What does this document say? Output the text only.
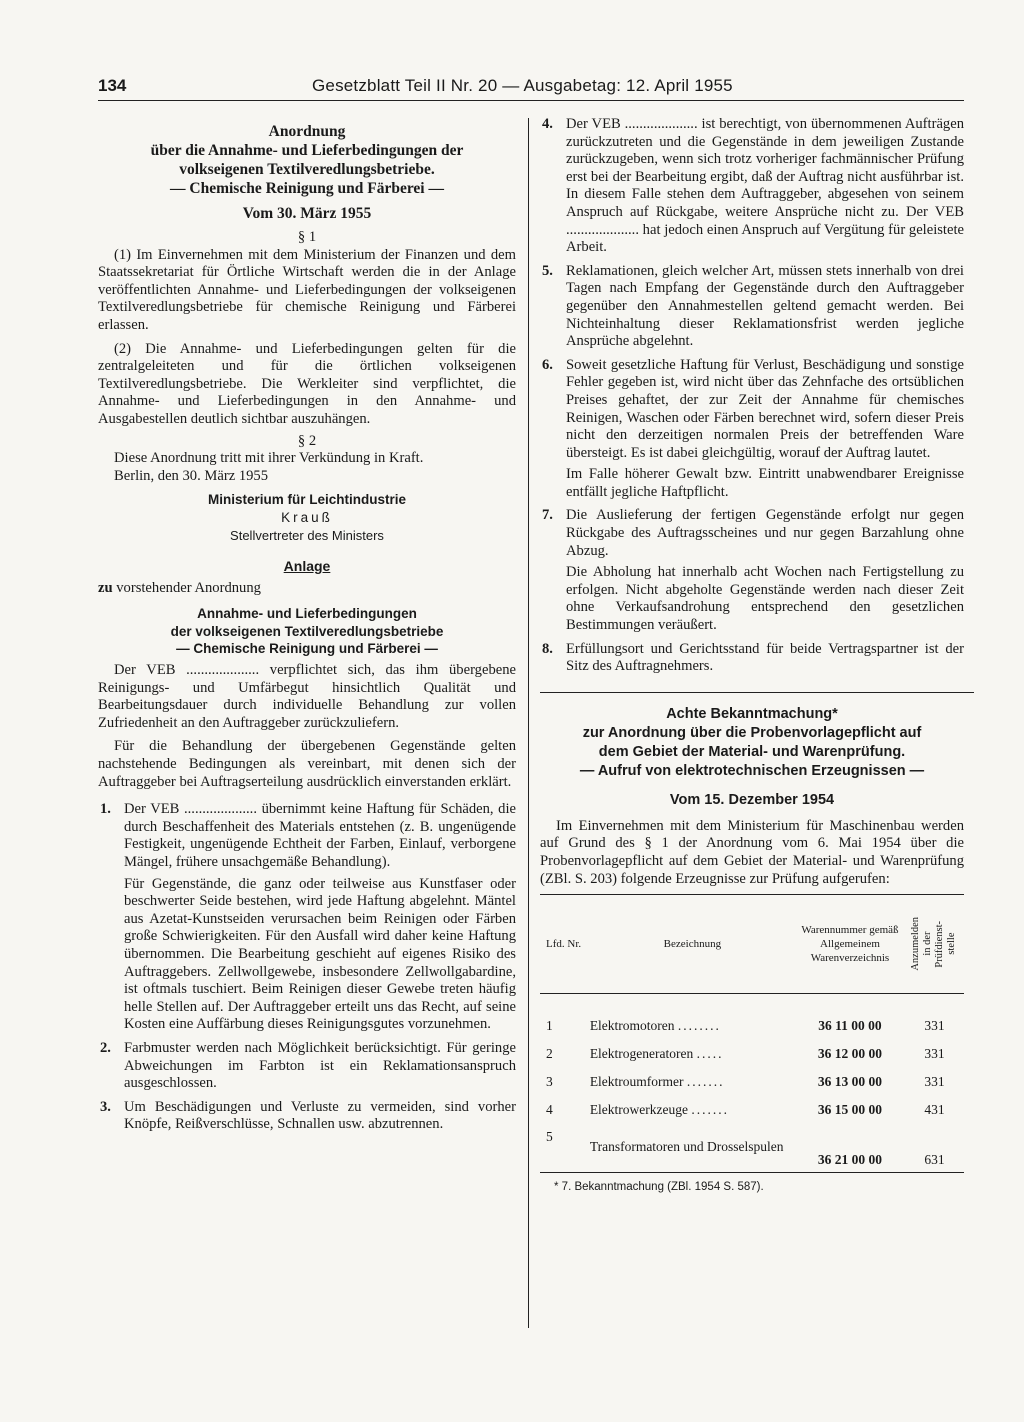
134	Gesetzblatt Teil II Nr. 20 — Ausgabetag: 12. April 1955

Anordnung

über die Annahme- und Lieferbedingungen der

volkseigenen Textilveredlungsbetriebe.

— Chemische Reinigung und Färberei —

Vom 30. März 1955

§ 1

(1) Im Einvernehmen mit dem Ministerium der Finanzen und dem Staatssekretariat für Örtliche Wirtschaft werden die in der Anlage veröffentlichten Annahme- und Lieferbedingungen der volkseigenen Textilveredlungsbetriebe für chemische Reinigung und Färberei erlassen.

(2) Die Annahme- und Lieferbedingungen gelten für die zentralgeleiteten und für die örtlichen volkseigenen Textilveredlungsbetriebe. Die Werkleiter sind verpflichtet, die Annahme- und Lieferbedingungen in den Annahme- und Ausgabestellen deutlich sichtbar auszuhängen.

§ 2

Diese Anordnung tritt mit ihrer Verkündung in Kraft.

Berlin, den 30. März 1955

Ministerium für Leichtindustrie

Krauß

Stellvertreter des Ministers

Anlage

zu vorstehender Anordnung

Annahme- und Lieferbedingungen

der volkseigenen Textilveredlungsbetriebe

— Chemische Reinigung und Färberei —

Der VEB .................... verpflichtet sich, das ihm übergebene Reinigungs- und Umfärbegut hinsichtlich Qualität und Bearbeitungsdauer durch individuelle Behandlung zur vollen Zufriedenheit an den Auftraggeber zurückzuliefern.

Für die Behandlung der übergebenen Gegenstände gelten nachstehende Bedingungen als vereinbart, mit denen sich der Auftraggeber bei Auftragserteilung ausdrücklich einverstanden erklärt.

1. Der VEB .................... übernimmt keine Haftung für Schäden, die durch Beschaffenheit des Materials entstehen (z. B. ungenügende Festigkeit, ungenügende Echtheit der Farben, Einlauf, verborgene Mängel, frühere unsachgemäße Behandlung).

Für Gegenstände, die ganz oder teilweise aus Kunstfaser oder beschwerter Seide bestehen, wird jede Haftung abgelehnt. Mäntel aus Azetat-Kunstseiden verursachen beim Reinigen oder Färben große Schwierigkeiten. Für den Ausfall wird daher keine Haftung übernommen. Die Bearbeitung geschieht auf eigenes Risiko des Auftraggebers. Zellwollgewebe, insbesondere Zellwollgabardine, ist oftmals tuschiert. Beim Reinigen dieser Gewebe treten häufig helle Stellen auf. Der Auftraggeber erteilt uns das Recht, auf seine Kosten eine Auffärbung dieses Reinigungsgutes vorzunehmen.

2. Farbmuster werden nach Möglichkeit berücksichtigt. Für geringe Abweichungen im Farbton ist ein Reklamationsanspruch ausgeschlossen.

3. Um Beschädigungen und Verluste zu vermeiden, sind vorher Knöpfe, Reißverschlüsse, Schnallen usw. abzutrennen.

4. Der VEB .................... ist berechtigt, von übernommenen Aufträgen zurückzutreten und die Gegenstände in dem jeweiligen Zustande zurückzugeben, wenn sich trotz vorheriger fachmännischer Prüfung erst bei der Bearbeitung ergibt, daß der Auftrag nicht ausführbar ist. In diesem Falle stehen dem Auftraggeber, abgesehen von seinem Anspruch auf Rückgabe, weitere Ansprüche nicht zu. Der VEB .................... hat jedoch einen Anspruch auf Vergütung für geleistete Arbeit.

5. Reklamationen, gleich welcher Art, müssen stets innerhalb von drei Tagen nach Empfang der Gegenstände durch den Auftraggeber gegenüber den Annahmestellen geltend gemacht werden. Bei Nichteinhaltung dieser Reklamationsfrist werden jegliche Ansprüche abgelehnt.

6. Soweit gesetzliche Haftung für Verlust, Beschädigung und sonstige Fehler gegeben ist, wird nicht über das Zehnfache des ortsüblichen Preises gehaftet, der zur Zeit der Annahme für chemisches Reinigen, Waschen oder Färben berechnet wird, sofern dieser Preis nicht den derzeitigen normalen Preis der betreffenden Ware übersteigt. Es ist dabei gleichgültig, worauf der Auftrag lautet.

Im Falle höherer Gewalt bzw. Eintritt unabwendbarer Ereignisse entfällt jegliche Haftpflicht.

7. Die Auslieferung der fertigen Gegenstände erfolgt nur gegen Rückgabe des Auftragsscheines und nur gegen Barzahlung ohne Abzug.

Die Abholung hat innerhalb acht Wochen nach Fertigstellung zu erfolgen. Nicht abgeholte Gegenstände werden nach dieser Zeit ohne Verkaufsandrohung entsprechend den gesetzlichen Bestimmungen veräußert.

8. Erfüllungsort und Gerichtsstand für beide Vertragspartner ist der Sitz des Auftragnehmers.

Achte Bekanntmachung*

zur Anordnung über die Probenvorlagepflicht auf

dem Gebiet der Material- und Warenprüfung.

— Aufruf von elektrotechnischen Erzeugnissen —

Vom 15. Dezember 1954

Im Einvernehmen mit dem Ministerium für Maschinenbau werden auf Grund des § 1 der Anordnung vom 6. Mai 1954 über die Probenvorlagepflicht auf dem Gebiet der Material- und Warenprüfung (ZBl. S. 203) folgende Erzeugnisse zur Prüfung aufgerufen:

Lfd. Nr.	Bezeichnung	Warennummer gemäß Allgemeinem Warenverzeichnis	Anzumelden
in der
Prüfdienst-
stelle

1	Elektromotoren ........	36 11 00 00	331
2	Elektrogeneratoren .....	36 12 00 00	331
3	Elektroumformer .......	36 13 00 00	331
4	Elektrowerkzeuge .......	36 15 00 00	431
5	Transformatoren und Drosselspulen	36 21 00 00	631

* 7. Bekanntmachung (ZBl. 1954 S. 587).
